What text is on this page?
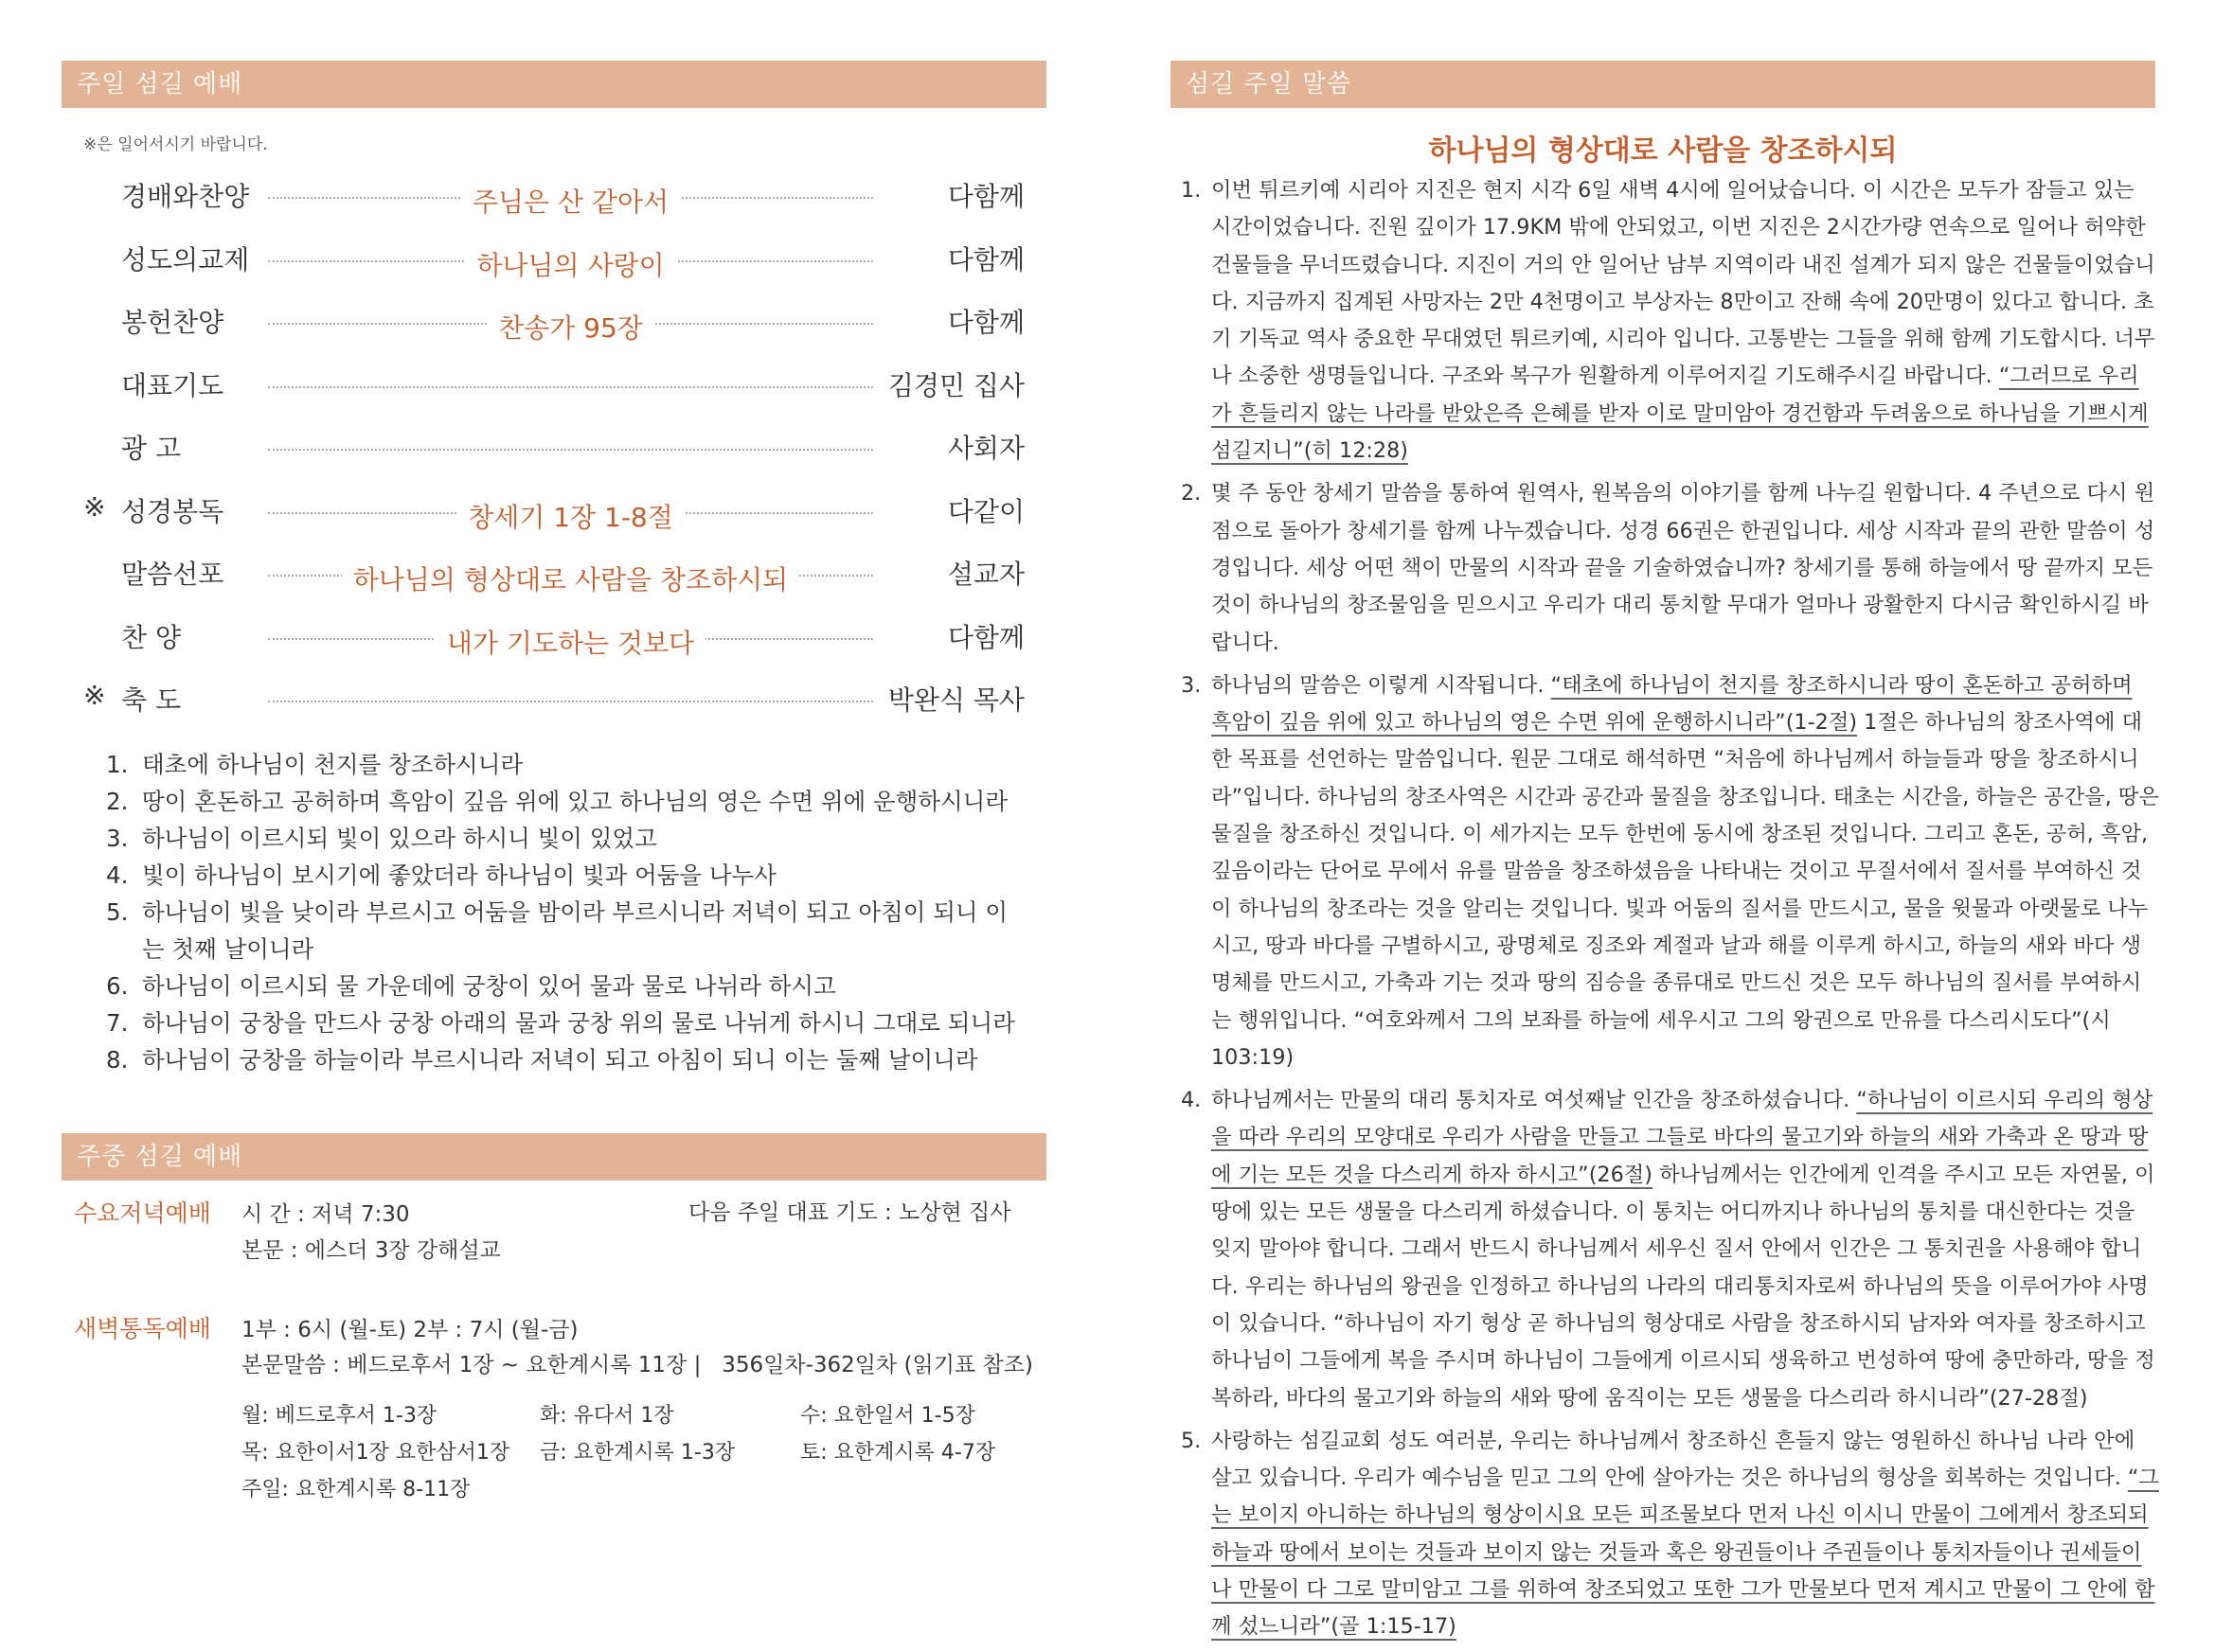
주일 섬길 예배
※은 일어서시기 바랍니다.
경배와찬양	주님은 산 같아서	다함께
성도의교제	하나님의 사랑이	다함께
봉헌찬양	찬송가 95장	다함께
대표기도	김경민 집사
광 고	사회자
※ 성경봉독	창세기 1장 1-8절	다같이
말씀선포	하나님의 형상대로 사람을 창조하시되	설교자
찬 양	내가 기도하는 것보다	다함께
※ 축 도	박완식 목사
1. 태초에 하나님이 천지를 창조하시니라
2. 땅이 혼돈하고 공허하며 흑암이 깊음 위에 있고 하나님의 영은 수면 위에 운행하시니라
3. 하나님이 이르시되 빛이 있으라 하시니 빛이 있었고
4. 빛이 하나님이 보시기에 좋았더라 하나님이 빛과 어둠을 나누사
5. 하나님이 빛을 낮이라 부르시고 어둠을 밤이라 부르시니라 저녁이 되고 아침이 되니 이는 첫째 날이니라
6. 하나님이 이르시되 물 가운데에 궁창이 있어 물과 물로 나뉘라 하시고
7. 하나님이 궁창을 만드사 궁창 아래의 물과 궁창 위의 물로 나뉘게 하시니 그대로 되니라
8. 하나님이 궁창을 하늘이라 부르시니라 저녁이 되고 아침이 되니 이는 둘째 날이니라
주중 섬길 예배
수요저녁예배 시 간 : 저녁 7:30	다음 주일 대표 기도 : 노상현 집사
본문 : 에스더 3장 강해설교
새벽통독예배 1부 : 6시 (월-토) 2부 : 7시 (월-금)
본문말씀 : 베드로후서 1장 ~ 요한계시록 11장 |   356일차-362일차 (읽기표 참조)
월: 베드로후서 1-3장	화: 유다서 1장	수: 요한일서 1-5장
목: 요한이서1장 요한삼서1장 금: 요한계시록 1-3장	토: 요한계시록 4-7장
주일: 요한계시록 8-11장
섬길 주일 말씀
하나님의 형상대로 사람을 창조하시되
1. 이번 튀르키예 시리아 지진은 현지 시각 6일 새벽 4시에 일어났습니다. 이 시간은 모두가 잠들고 있는 시간이었습니다. 진원 깊이가 17.9KM 밖에 안되었고, 이번 지진은 2시간가량 연속으로 일어나 허약한 건물들을 무너뜨렸습니다. 지진이 거의 안 일어난 남부 지역이라 내진 설계가 되지 않은 건물들이었습니다. 지금까지 집계된 사망자는 2만 4천명이고 부상자는 8만이고 잔해 속에 20만명이 있다고 합니다. 초기 기독교 역사 중요한 무대였던 튀르키예, 시리아 입니다. 고통받는 그들을 위해 함께 기도합시다. 너무나 소중한 생명들입니다. 구조와 복구가 원활하게 이루어지길 기도해주시길 바랍니다. “그러므로 우리가 흔들리지 않는 나라를 받았은즉 은혜를 받자 이로 말미암아 경건함과 두려움으로 하나님을 기쁘시게 섬길지니”(히 12:28)
2. 몇 주 동안 창세기 말씀을 통하여 원역사, 원복음의 이야기를 함께 나누길 원합니다. 4 주년으로 다시 원점으로 돌아가 창세기를 함께 나누겠습니다. 성경 66권은 한권입니다. 세상 시작과 끝의 관한 말씀이 성경입니다. 세상 어떤 책이 만물의 시작과 끝을 기술하였습니까? 창세기를 통해 하늘에서 땅 끝까지 모든 것이 하나님의 창조물임을 믿으시고 우리가 대리 통치할 무대가 얼마나 광활한지 다시금 확인하시길 바랍니다.
3. 하나님의 말씀은 이렇게 시작됩니다. “태초에 하나님이 천지를 창조하시니라 땅이 혼돈하고 공허하며 흑암이 깊음 위에 있고 하나님의 영은 수면 위에 운행하시니라”(1-2절) 1절은 하나님의 창조사역에 대한 목표를 선언하는 말씀입니다. 원문 그대로 해석하면 “처음에 하나님께서 하늘들과 땅을 창조하시니라”입니다. 하나님의 창조사역은 시간과 공간과 물질을 창조입니다. 태초는 시간을, 하늘은 공간을, 땅은 물질을 창조하신 것입니다. 이 세가지는 모두 한번에 동시에 창조된 것입니다. 그리고 혼돈, 공허, 흑암, 깊음이라는 단어로 무에서 유를 말씀을 창조하셨음을 나타내는 것이고 무질서에서 질서를 부여하신 것이 하나님의 창조라는 것을 알리는 것입니다. 빛과 어둠의 질서를 만드시고, 물을 윗물과 아랫물로 나누시고, 땅과 바다를 구별하시고, 광명체로 징조와 계절과 날과 해를 이루게 하시고, 하늘의 새와 바다 생명체를 만드시고, 가축과 기는 것과 땅의 짐승을 종류대로 만드신 것은 모두 하나님의 질서를 부여하시는 행위입니다. “여호와께서 그의 보좌를 하늘에 세우시고 그의 왕권으로 만유를 다스리시도다”(시 103:19)
4. 하나님께서는 만물의 대리 통치자로 여섯째날 인간을 창조하셨습니다. “하나님이 이르시되 우리의 형상을 따라 우리의 모양대로 우리가 사람을 만들고 그들로 바다의 물고기와 하늘의 새와 가축과 온 땅과 땅에 기는 모든 것을 다스리게 하자 하시고”(26절) 하나님께서는 인간에게 인격을 주시고 모든 자연물, 이 땅에 있는 모든 생물을 다스리게 하셨습니다. 이 통치는 어디까지나 하나님의 통치를 대신한다는 것을 잊지 말아야 합니다. 그래서 반드시 하나님께서 세우신 질서 안에서 인간은 그 통치권을 사용해야 합니다. 우리는 하나님의 왕권을 인정하고 하나님의 나라의 대리통치자로써 하나님의 뜻을 이루어가야 사명이 있습니다. “하나님이 자기 형상 곧 하나님의 형상대로 사람을 창조하시되 남자와 여자를 창조하시고 하나님이 그들에게 복을 주시며 하나님이 그들에게 이르시되 생육하고 번성하여 땅에 충만하라, 땅을 정복하라, 바다의 물고기와 하늘의 새와 땅에 움직이는 모든 생물을 다스리라 하시니라”(27-28절)
5. 사랑하는 섬길교회 성도 여러분, 우리는 하나님께서 창조하신 흔들지 않는 영원하신 하나님 나라 안에 살고 있습니다. 우리가 예수님을 믿고 그의 안에 살아가는 것은 하나님의 형상을 회복하는 것입니다. “그는 보이지 아니하는 하나님의 형상이시요 모든 피조물보다 먼저 나신 이시니 만물이 그에게서 창조되되 하늘과 땅에서 보이는 것들과 보이지 않는 것들과 혹은 왕권들이나 주권들이나 통치자들이나 권세들이나 만물이 다 그로 말미암고 그를 위하여 창조되었고 또한 그가 만물보다 먼저 계시고 만물이 그 안에 함께 섰느니라”(골 1:15-17)
